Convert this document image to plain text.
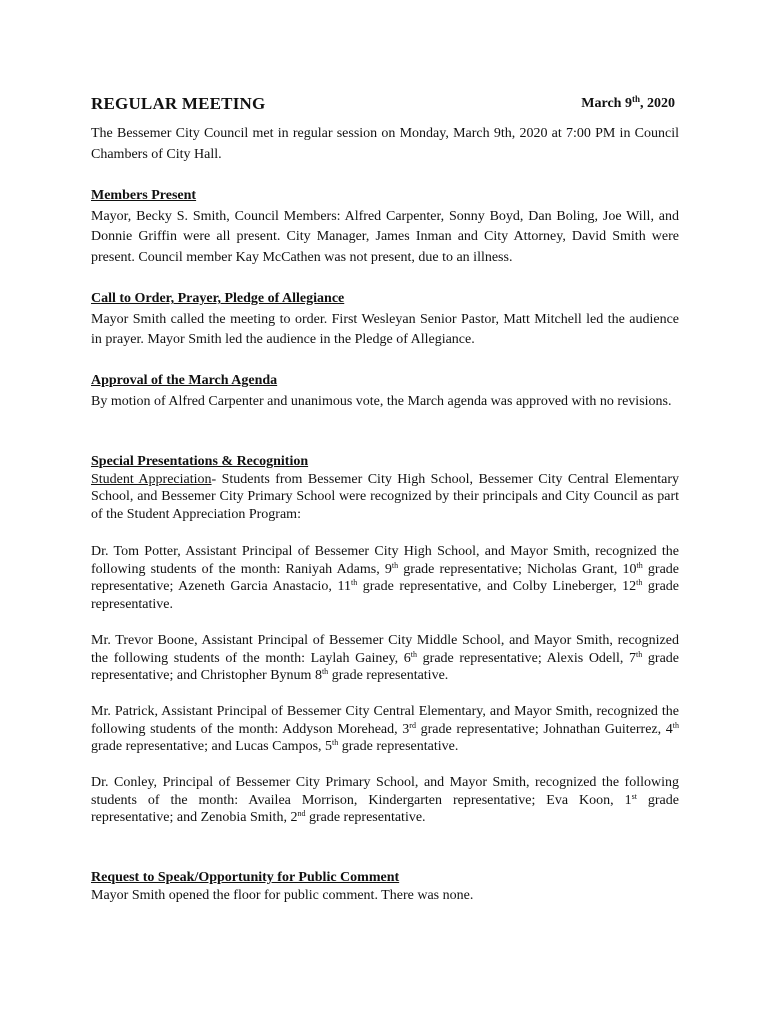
REGULAR MEETING	March 9th, 2020

The Bessemer City Council met in regular session on Monday, March 9th, 2020 at 7:00 PM in Council Chambers of City Hall.

Members Present
Mayor, Becky S. Smith, Council Members: Alfred Carpenter, Sonny Boyd, Dan Boling, Joe Will, and Donnie Griffin were all present. City Manager, James Inman and City Attorney, David Smith were present. Council member Kay McCathen was not present, due to an illness.
Call to Order, Prayer, Pledge of Allegiance
Mayor Smith called the meeting to order. First Wesleyan Senior Pastor, Matt Mitchell led the audience in prayer. Mayor Smith led the audience in the Pledge of Allegiance.
Approval of the March Agenda
By motion of Alfred Carpenter and unanimous vote, the March agenda was approved with no revisions.
Special Presentations & Recognition
Student Appreciation- Students from Bessemer City High School, Bessemer City Central Elementary School, and Bessemer City Primary School were recognized by their principals and City Council as part of the Student Appreciation Program:

Dr. Tom Potter, Assistant Principal of Bessemer City High School, and Mayor Smith, recognized the following students of the month: Raniyah Adams, 9th grade representative; Nicholas Grant, 10th grade representative; Azeneth Garcia Anastacio, 11th grade representative, and Colby Lineberger, 12th grade representative.

Mr. Trevor Boone, Assistant Principal of Bessemer City Middle School, and Mayor Smith, recognized the following students of the month: Laylah Gainey, 6th grade representative; Alexis Odell, 7th grade representative; and Christopher Bynum 8th grade representative.

Mr. Patrick, Assistant Principal of Bessemer City Central Elementary, and Mayor Smith, recognized the following students of the month: Addyson Morehead, 3rd grade representative; Johnathan Guiterrez, 4th grade representative; and Lucas Campos, 5th grade representative.

Dr. Conley, Principal of Bessemer City Primary School, and Mayor Smith, recognized the following students of the month: Availea Morrison, Kindergarten representative; Eva Koon, 1st grade representative; and Zenobia Smith, 2nd grade representative.

Request to Speak/Opportunity for Public Comment
Mayor Smith opened the floor for public comment. There was none.
